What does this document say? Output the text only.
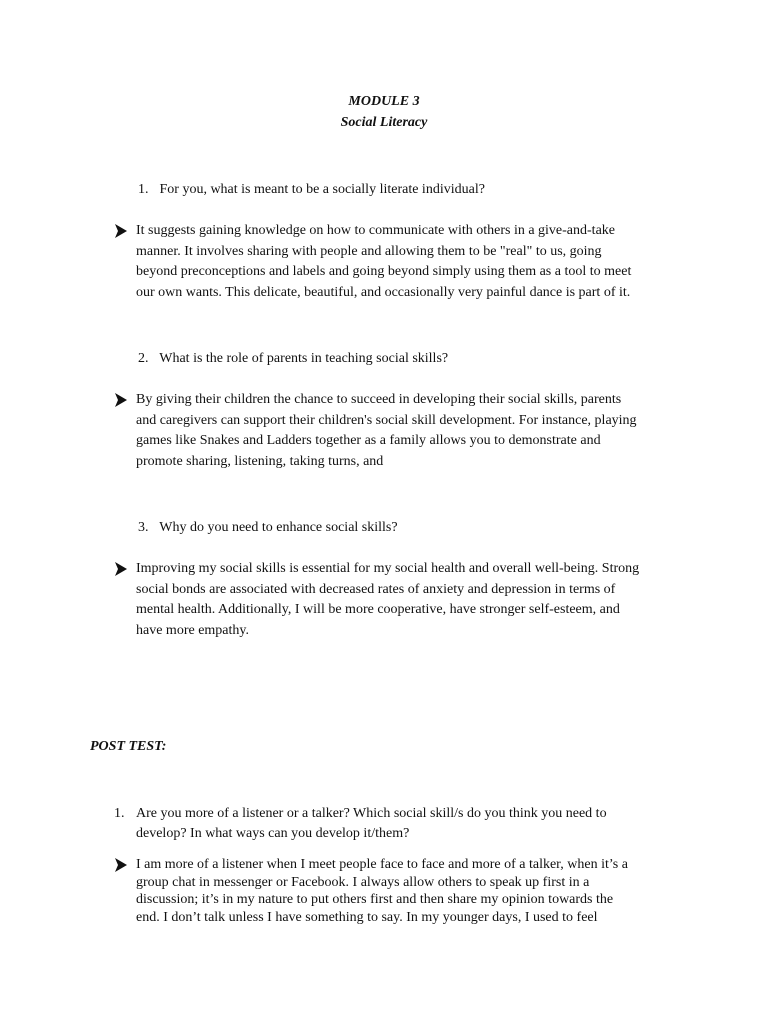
MODULE 3
Social Literacy
1. For you, what is meant to be a socially literate individual?
It suggests gaining knowledge on how to communicate with others in a give-and-take
manner. It involves sharing with people and allowing them to be "real" to us, going
beyond preconceptions and labels and going beyond simply using them as a tool to meet
our own wants. This delicate, beautiful, and occasionally very painful dance is part of it.
2. What is the role of parents in teaching social skills?
By giving their children the chance to succeed in developing their social skills, parents
and caregivers can support their children's social skill development. For instance, playing
games like Snakes and Ladders together as a family allows you to demonstrate and
promote sharing, listening, taking turns, and
3. Why do you need to enhance social skills?
Improving my social skills is essential for my social health and overall well-being. Strong
social bonds are associated with decreased rates of anxiety and depression in terms of
mental health. Additionally, I will be more cooperative, have stronger self-esteem, and
have more empathy.
POST TEST:
1. Are you more of a listener or a talker? Which social skill/s do you think you need to
develop? In what ways can you develop it/them?
I am more of a listener when I meet people face to face and more of a talker, when it’s a
group chat in messenger or Facebook. I always allow others to speak up first in a
discussion; it’s in my nature to put others first and then share my opinion towards the
end. I don’t talk unless I have something to say. In my younger days, I used to feel
